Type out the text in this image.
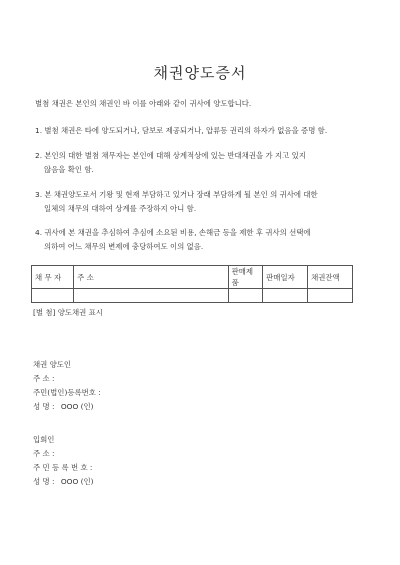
채권양도증서
별첨 채권은 본인의 채권인 바 이를 아래와 같이 귀사에 양도합니다.
1. 별첨 채권은 타에 양도되거나, 담보로 제공되거나, 압류등 권리의 하자가 없음을 증명 함.
2. 본인의 대한 별첨 채무자는 본인에 대해 상계적상에 있는 반대채권을 가 지고 있지
않음을 확인 함.
3. 본 채권양도로서 기왕 및 현재 부담하고 있거나 장래 부담하게 될 본인 의 귀사에 대한
일체의 채무의 대하여 상계를 주장하지 아니 함.
4. 귀사에 본 채권을 추심하여 추심에 소요된 비용, 손해금 등을 제한 후 귀사의 선택에
의하여 어느 채무의 변제에 충당하여도 이의 없음.
채 무 자	주 소	판매제품	판매일자	채권잔액

[별 첨] 양도채권 표시
채권 양도인
주 소 :
주민(법인)등록번호 :
성 명 : OOO (인)
입회인
주 소 :
주 민 등 록 번 호 :
성 명 : OOO (인)
